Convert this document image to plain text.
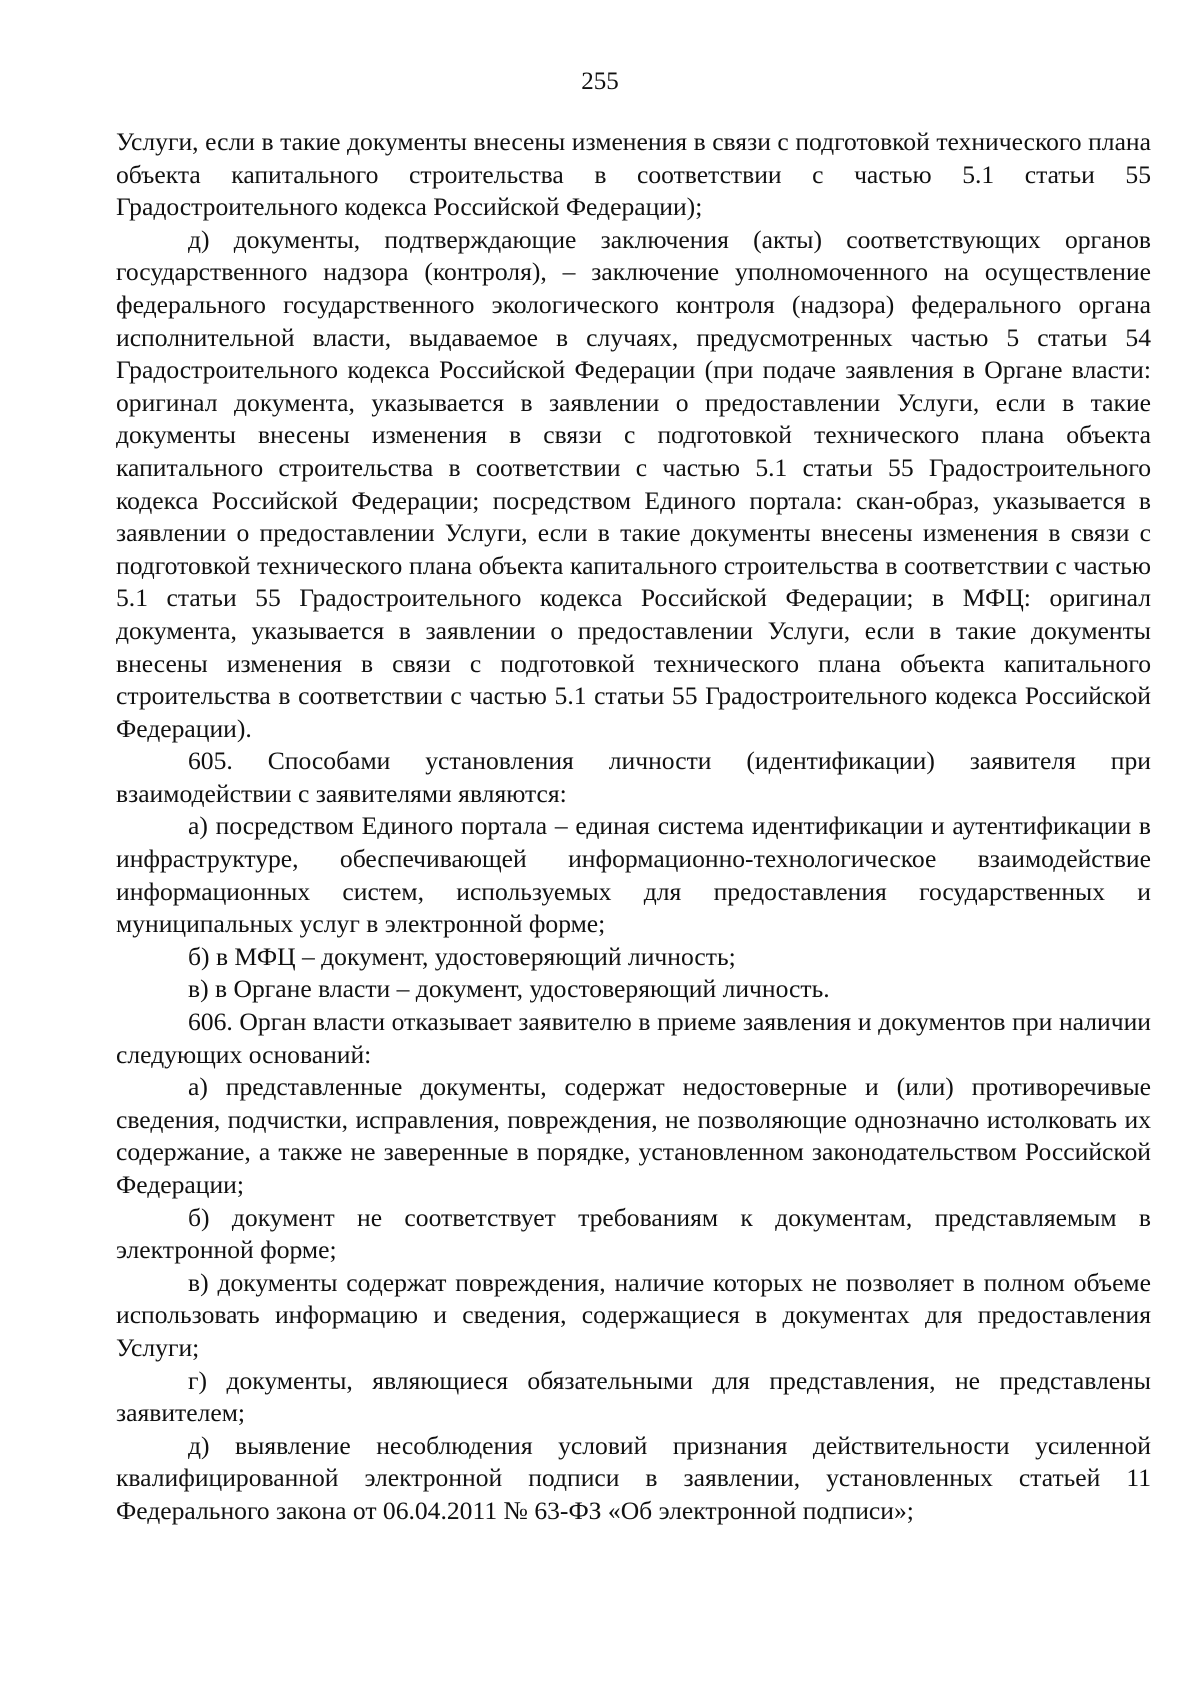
255

Услуги, если в такие документы внесены изменения в связи с подготовкой технического плана объекта капитального строительства в соответствии с частью 5.1 статьи 55 Градостроительного кодекса Российской Федерации);

д) документы, подтверждающие заключения (акты) соответствующих органов государственного надзора (контроля), – заключение уполномоченного на осуществление федерального государственного экологического контроля (надзора) федерального органа исполнительной власти, выдаваемое в случаях, предусмотренных частью 5 статьи 54 Градостроительного кодекса Российской Федерации (при подаче заявления в Органе власти: оригинал документа, указывается в заявлении о предоставлении Услуги, если в такие документы внесены изменения в связи с подготовкой технического плана объекта капитального строительства в соответствии с частью 5.1 статьи 55 Градостроительного кодекса Российской Федерации; посредством Единого портала: скан-образ, указывается в заявлении о предоставлении Услуги, если в такие документы внесены изменения в связи с подготовкой технического плана объекта капитального строительства в соответствии с частью 5.1 статьи 55 Градостроительного кодекса Российской Федерации; в МФЦ: оригинал документа, указывается в заявлении о предоставлении Услуги, если в такие документы внесены изменения в связи с подготовкой технического плана объекта капитального строительства в соответствии с частью 5.1 статьи 55 Градостроительного кодекса Российской Федерации).

605. Способами установления личности (идентификации) заявителя при взаимодействии с заявителями являются:

а) посредством Единого портала – единая система идентификации и аутентификации в инфраструктуре, обеспечивающей информационно-технологическое взаимодействие информационных систем, используемых для предоставления государственных и муниципальных услуг в электронной форме;

б) в МФЦ – документ, удостоверяющий личность;

в) в Органе власти – документ, удостоверяющий личность.

606. Орган власти отказывает заявителю в приеме заявления и документов при наличии следующих оснований:

а) представленные документы, содержат недостоверные и (или) противоречивые сведения, подчистки, исправления, повреждения, не позволяющие однозначно истолковать их содержание, а также не заверенные в порядке, установленном законодательством Российской Федерации;

б) документ не соответствует требованиям к документам, представляемым в электронной форме;

в) документы содержат повреждения, наличие которых не позволяет в полном объеме использовать информацию и сведения, содержащиеся в документах для предоставления Услуги;

г) документы, являющиеся обязательными для представления, не представлены заявителем;

д) выявление несоблюдения условий признания действительности усиленной квалифицированной электронной подписи в заявлении, установленных статьей 11 Федерального закона от 06.04.2011 № 63-ФЗ «Об электронной подписи»;
